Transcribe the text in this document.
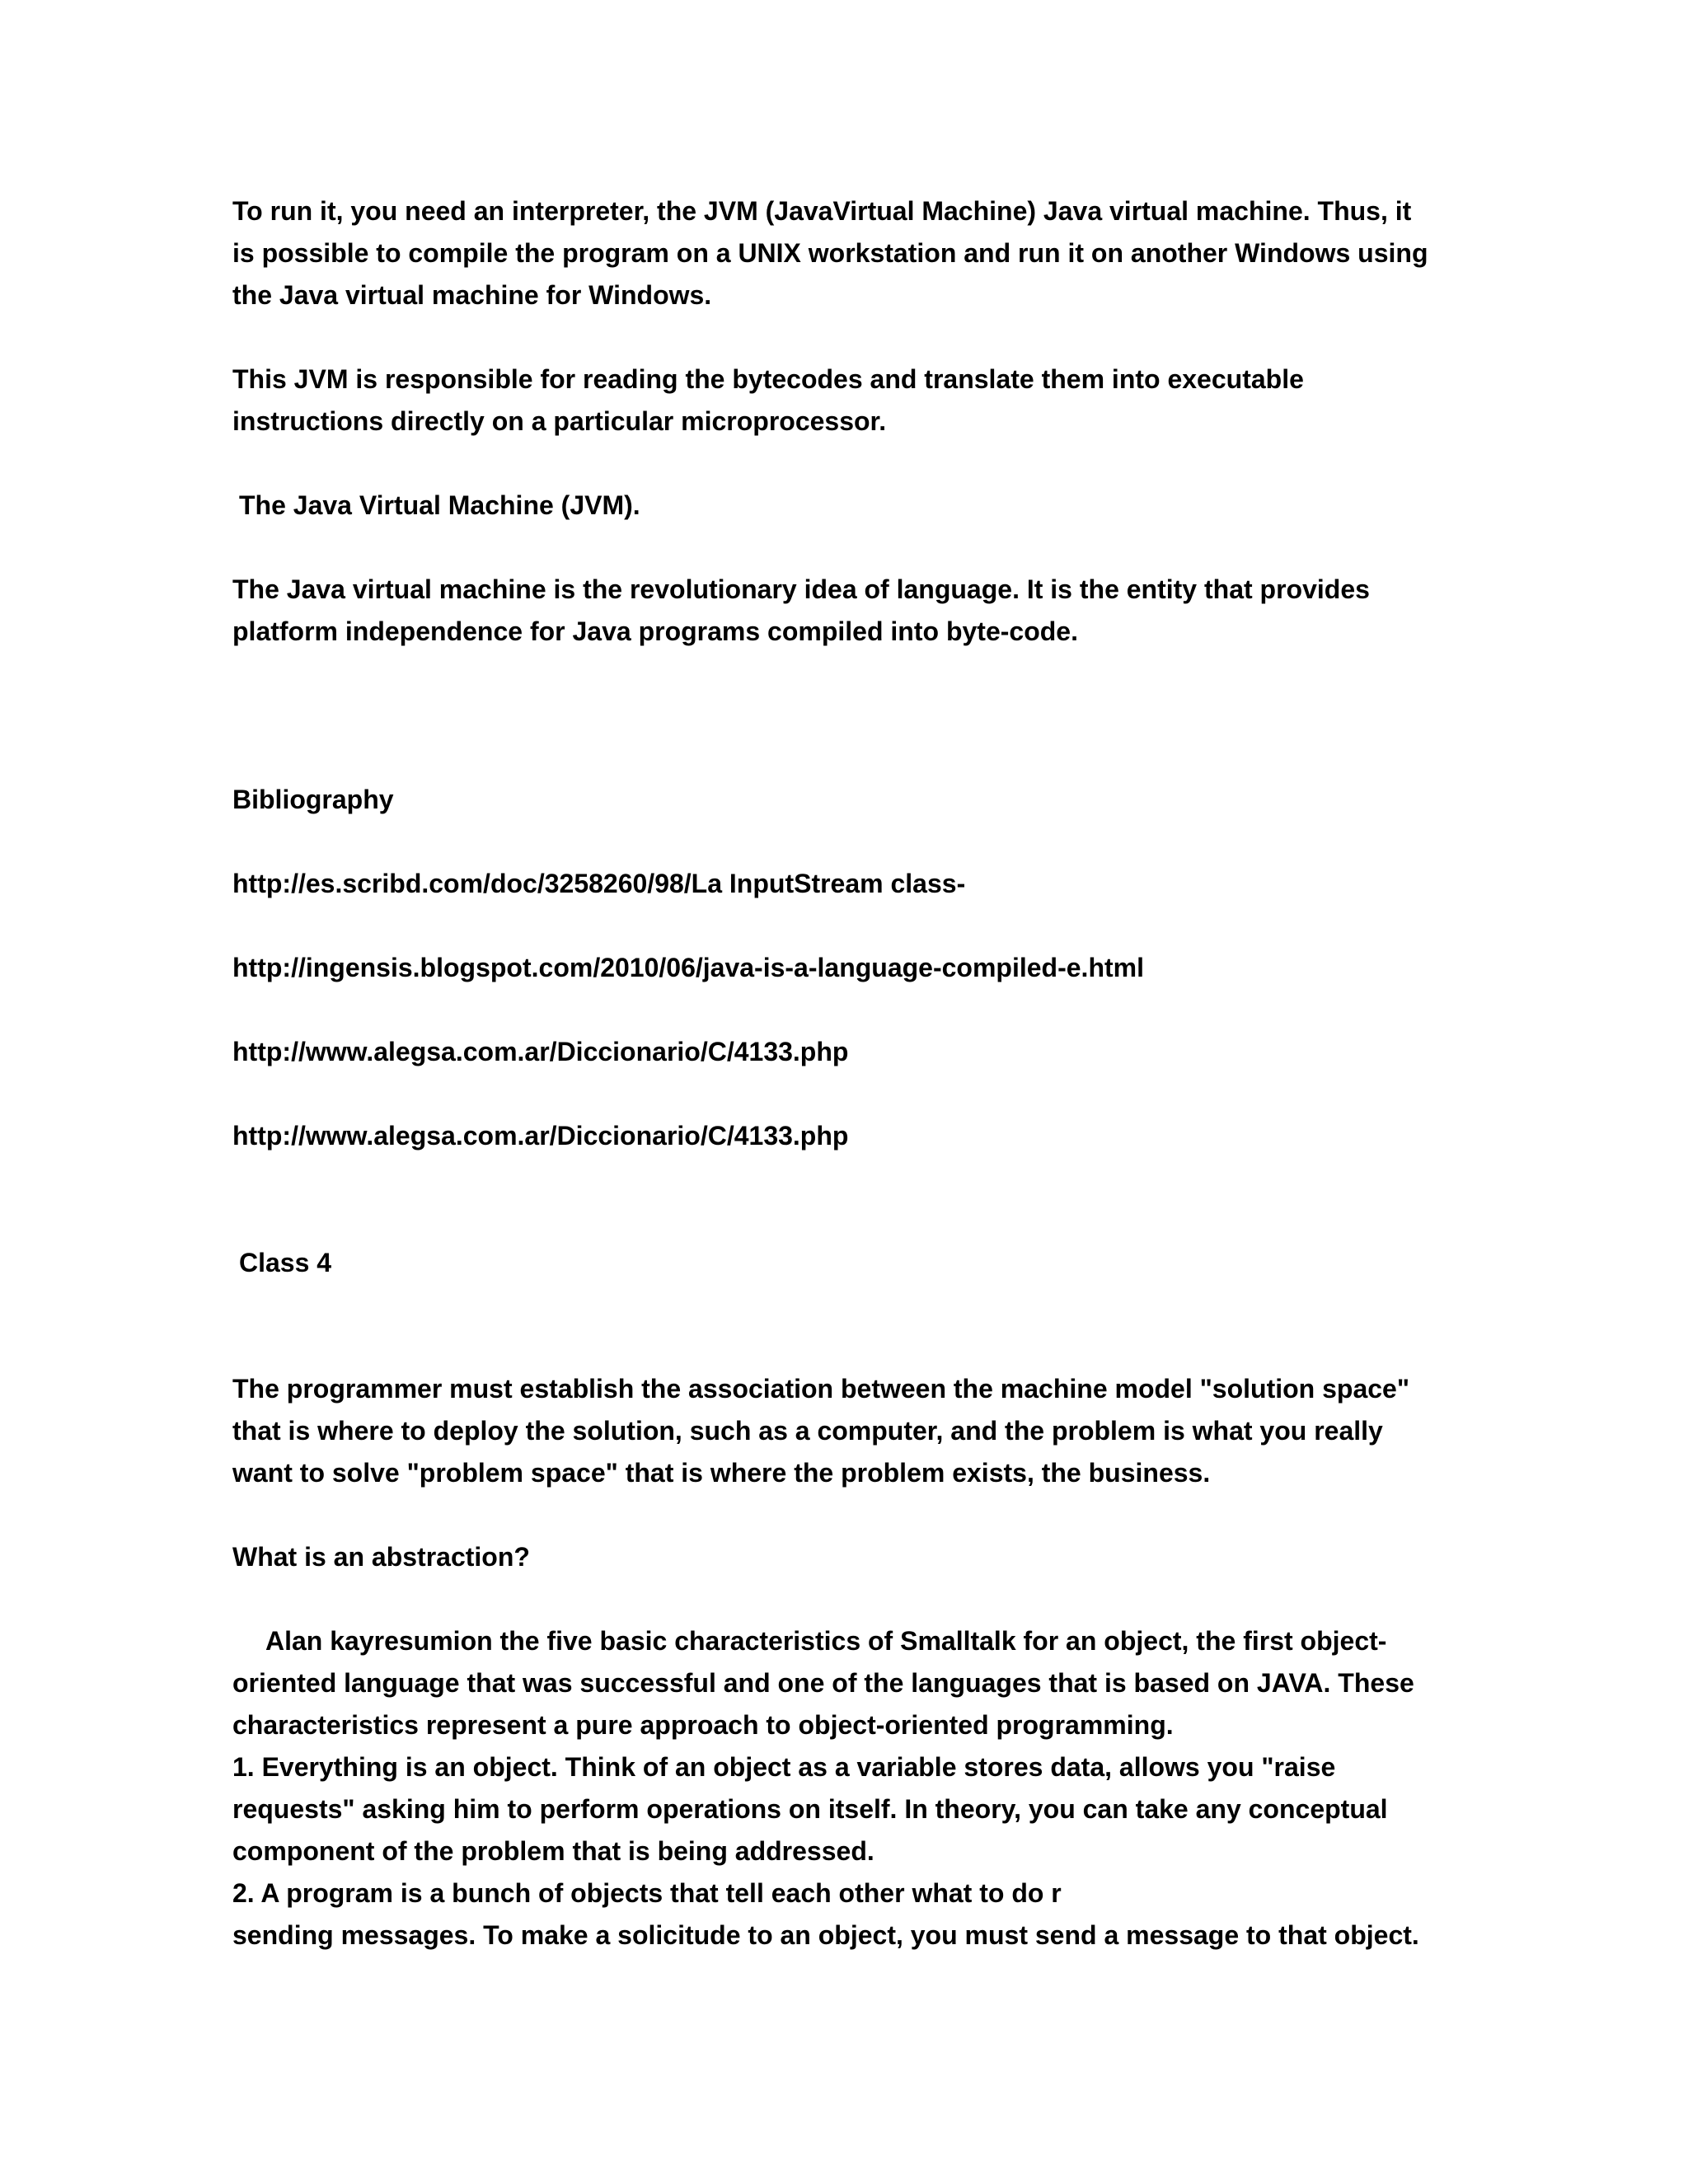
To run it, you need an interpreter, the JVM (JavaVirtual Machine) Java virtual machine. Thus, it
is possible to compile the program on a UNIX workstation and run it on another Windows using
the Java virtual machine for Windows.
This JVM is responsible for reading the bytecodes and translate them into executable
instructions directly on a particular microprocessor.
The Java Virtual Machine (JVM).
The Java virtual machine is the revolutionary idea of language. It is the entity that provides
platform independence for Java programs compiled into byte-code.
Bibliography
http://es.scribd.com/doc/3258260/98/La InputStream class-
http://ingensis.blogspot.com/2010/06/java-is-a-language-compiled-e.html
http://www.alegsa.com.ar/Diccionario/C/4133.php
http://www.alegsa.com.ar/Diccionario/C/4133.php
Class 4
The programmer must establish the association between the machine model "solution space"
that is where to deploy the solution, such as a computer, and the problem is what you really
want to solve "problem space" that is where the problem exists, the business.
What is an abstraction?
Alan kayresumion the five basic characteristics of Smalltalk for an object, the first object-
oriented language that was successful and one of the languages that is based on JAVA. These
characteristics represent a pure approach to object-oriented programming.
1. Everything is an object. Think of an object as a variable stores data, allows you "raise
requests" asking him to perform operations on itself. In theory, you can take any conceptual
component of the problem that is being addressed.
2. A program is a bunch of objects that tell each other what to do r
sending messages. To make a solicitude to an object, you must send a message to that object.
